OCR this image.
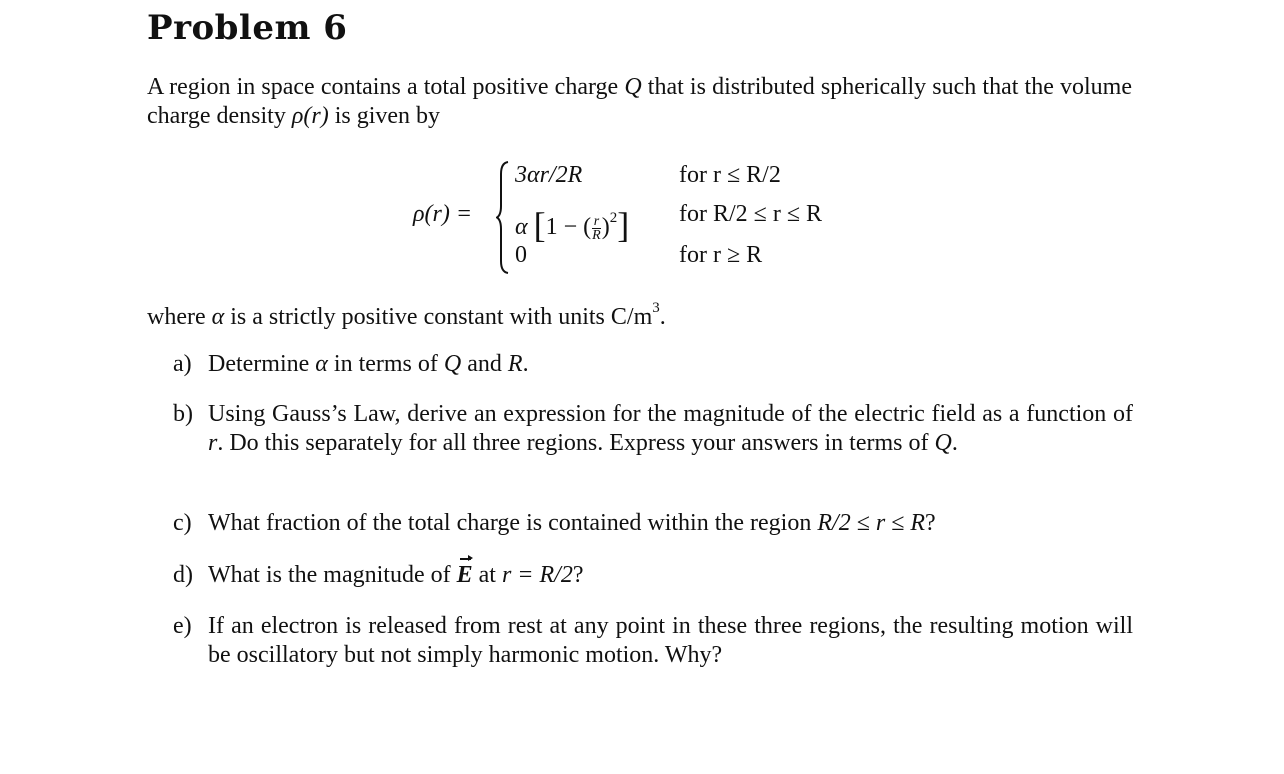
Problem 6

A region in space contains a total positive charge Q that is distributed spherically such that the volume charge density ρ(r) is given by

ρ(r) =
3αr/2R	for r ≤ R/2
α [1 − ( $\frac{r}{R} )^2$] for R/2 ≤ r ≤ R
0	for r ≥ R

where α is a strictly positive constant with units $C/m^3$.

a) Determine α in terms of Q and R.
b) Using Gauss’s Law, derive an expression for the magnitude of the electric field as a function of r. Do this separately for all three regions. Express your answers in terms of Q.
c) What fraction of the total charge is contained within the region R/2 ≤ r ≤ R?
d) What is the magnitude of E at r = R/2?
e) If an electron is released from rest at any point in these three regions, the resulting motion will be oscillatory but not simply harmonic motion. Why?
